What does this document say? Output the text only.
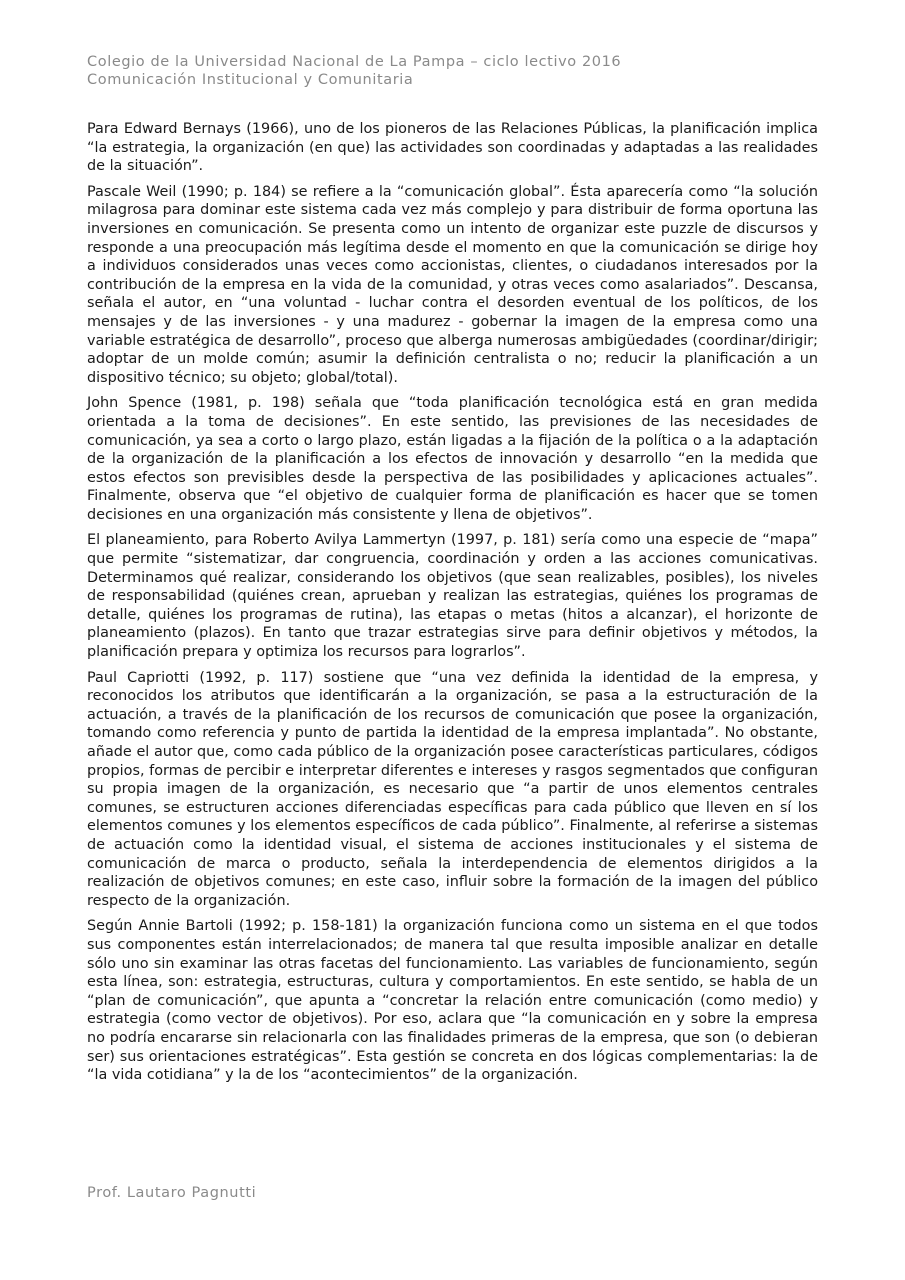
Colegio de la Universidad Nacional de La Pampa – ciclo lectivo 2016
Comunicación Institucional y Comunitaria

Para Edward Bernays (1966), uno de los pioneros de las Relaciones Públicas, la planificación implica “la estrategia, la organización (en que) las actividades son coordinadas y adaptadas a las realidades de la situación”.

Pascale Weil (1990; p. 184) se refiere a la “comunicación global”. Ésta aparecería como “la solución milagrosa para dominar este sistema cada vez más complejo y para distribuir de forma oportuna las inversiones en comunicación. Se presenta como un intento de organizar este puzzle de discursos y responde a una preocupación más legítima desde el momento en que la comunicación se dirige hoy a individuos considerados unas veces como accionistas, clientes, o ciudadanos interesados por la contribución de la empresa en la vida de la comunidad, y otras veces como asalariados”. Descansa, señala el autor, en “una voluntad - luchar contra el desorden eventual de los políticos, de los mensajes y de las inversiones - y una madurez - gobernar la imagen de la empresa como una variable estratégica de desarrollo”, proceso que alberga numerosas ambigüedades (coordinar/dirigir; adoptar de un molde común; asumir la definición centralista o no; reducir la planificación a un dispositivo técnico; su objeto; global/total).

John Spence (1981, p. 198) señala que “toda planificación tecnológica está en gran medida orientada a la toma de decisiones”. En este sentido, las previsiones de las necesidades de comunicación, ya sea a corto o largo plazo, están ligadas a la fijación de la política o a la adaptación de la organización de la planificación a los efectos de innovación y desarrollo “en la medida que estos efectos son previsibles desde la perspectiva de las posibilidades y aplicaciones actuales”. Finalmente, observa que “el objetivo de cualquier forma de planificación es hacer que se tomen decisiones en una organización más consistente y llena de objetivos”.

El planeamiento, para Roberto Avilya Lammertyn (1997, p. 181) sería como una especie de “mapa” que permite “sistematizar, dar congruencia, coordinación y orden a las acciones comunicativas. Determinamos qué realizar, considerando los objetivos (que sean realizables, posibles), los niveles de responsabilidad (quiénes crean, aprueban y realizan las estrategias, quiénes los programas de detalle, quiénes los programas de rutina), las etapas o metas (hitos a alcanzar), el horizonte de planeamiento (plazos). En tanto que trazar estrategias sirve para definir objetivos y métodos, la planificación prepara y optimiza los recursos para lograrlos”.

Paul Capriotti (1992, p. 117) sostiene que “una vez definida la identidad de la empresa, y reconocidos los atributos que identificarán a la organización, se pasa a la estructuración de la actuación, a través de la planificación de los recursos de comunicación que posee la organización, tomando como referencia y punto de partida la identidad de la empresa implantada”. No obstante, añade el autor que, como cada público de la organización posee características particulares, códigos propios, formas de percibir e interpretar diferentes e intereses y rasgos segmentados que configuran su propia imagen de la organización, es necesario que “a partir de unos elementos centrales comunes, se estructuren acciones diferenciadas específicas para cada público que lleven en sí los elementos comunes y los elementos específicos de cada público”. Finalmente, al referirse a sistemas de actuación como la identidad visual, el sistema de acciones institucionales y el sistema de comunicación de marca o producto, señala la interdependencia de elementos dirigidos a la realización de objetivos comunes; en este caso, influir sobre la formación de la imagen del público respecto de la organización.

Según Annie Bartoli (1992; p. 158-181) la organización funciona como un sistema en el que todos sus componentes están interrelacionados; de manera tal que resulta imposible analizar en detalle sólo uno sin examinar las otras facetas del funcionamiento. Las variables de funcionamiento, según esta línea, son: estrategia, estructuras, cultura y comportamientos. En este sentido, se habla de un “plan de comunicación”, que apunta a “concretar la relación entre comunicación (como medio) y estrategia (como vector de objetivos). Por eso, aclara que “la comunicación en y sobre la empresa no podría encararse sin relacionarla con las finalidades primeras de la empresa, que son (o debieran ser) sus orientaciones estratégicas”. Esta gestión se concreta en dos lógicas complementarias: la de “la vida cotidiana” y la de los “acontecimientos” de la organización.

Prof. Lautaro Pagnutti
